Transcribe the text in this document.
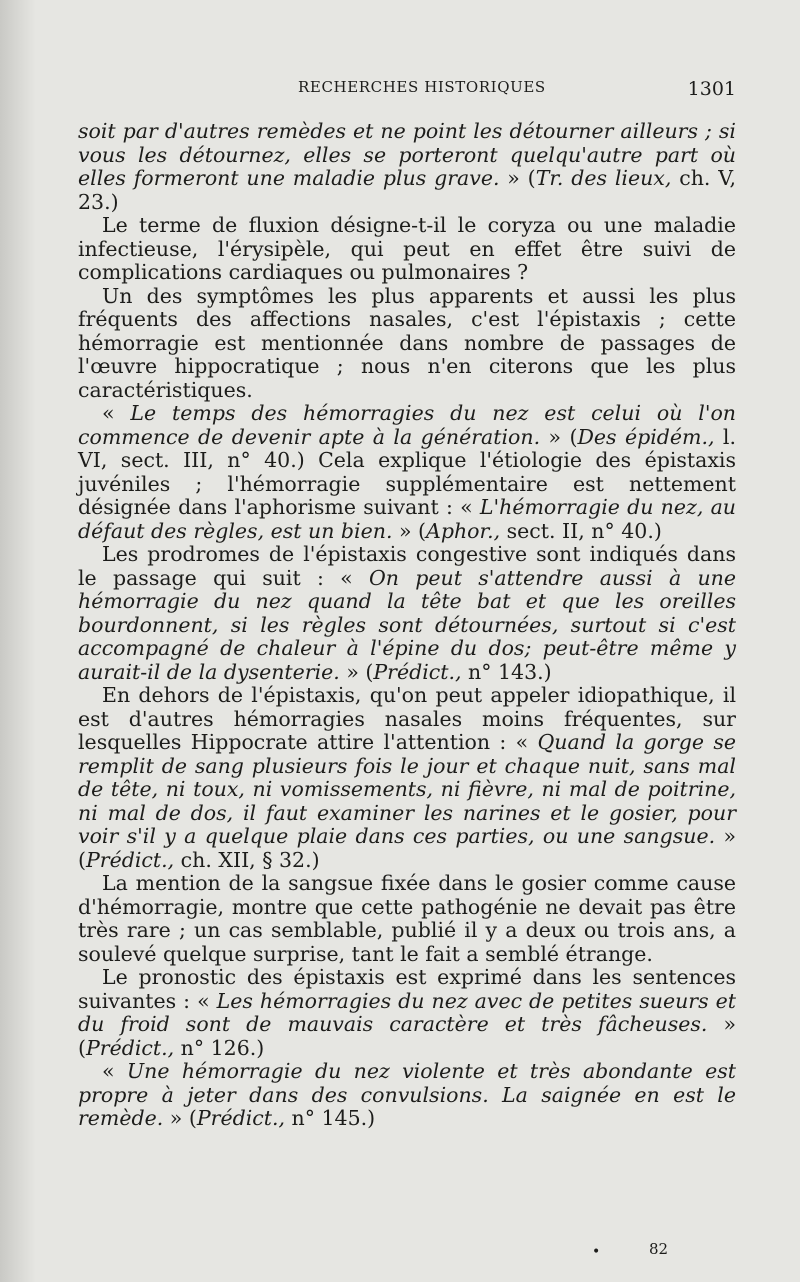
RECHERCHES HISTORIQUES	1301

soit par d'autres remèdes et ne point les détourner ailleurs ; si vous les détournez, elles se porteront quelqu'autre part où elles formeront une maladie plus grave. » (Tr. des lieux, ch. V, 23.)

Le terme de fluxion désigne-t-il le coryza ou une maladie infectieuse, l'érysipèle, qui peut en effet être suivi de complications cardiaques ou pulmonaires ?

Un des symptômes les plus apparents et aussi les plus fréquents des affections nasales, c'est l'épistaxis ; cette hémorragie est mentionnée dans nombre de passages de l'œuvre hippocratique ; nous n'en citerons que les plus caractéristiques.

« Le temps des hémorragies du nez est celui où l'on commence de devenir apte à la génération. » (Des épidém., l. VI, sect. III, n° 40.) Cela explique l'étiologie des épistaxis juvéniles ; l'hémorragie supplémentaire est nettement désignée dans l'aphorisme suivant : « L'hémorragie du nez, au défaut des règles, est un bien. » (Aphor., sect. II, n° 40.)

Les prodromes de l'épistaxis congestive sont indiqués dans le passage qui suit : « On peut s'attendre aussi à une hémorragie du nez quand la tête bat et que les oreilles bourdonnent, si les règles sont détournées, surtout si c'est accompagné de chaleur à l'épine du dos; peut-être même y aurait-il de la dysenterie. » (Prédict., n° 143.)

En dehors de l'épistaxis, qu'on peut appeler idiopathique, il est d'autres hémorragies nasales moins fréquentes, sur lesquelles Hippocrate attire l'attention : « Quand la gorge se remplit de sang plusieurs fois le jour et chaque nuit, sans mal de tête, ni toux, ni vomissements, ni fièvre, ni mal de poitrine, ni mal de dos, il faut examiner les narines et le gosier, pour voir s'il y a quelque plaie dans ces parties, ou une sangsue. » (Prédict., ch. XII, § 32.)

La mention de la sangsue fixée dans le gosier comme cause d'hémorragie, montre que cette pathogénie ne devait pas être très rare ; un cas semblable, publié il y a deux ou trois ans, a soulevé quelque surprise, tant le fait a semblé étrange.

Le pronostic des épistaxis est exprimé dans les sentences suivantes : « Les hémorragies du nez avec de petites sueurs et du froid sont de mauvais caractère et très fâcheuses. » (Prédict., n° 126.)

« Une hémorragie du nez violente et très abondante est propre à jeter dans des convulsions. La saignée en est le remède. » (Prédict., n° 145.)

•	82
